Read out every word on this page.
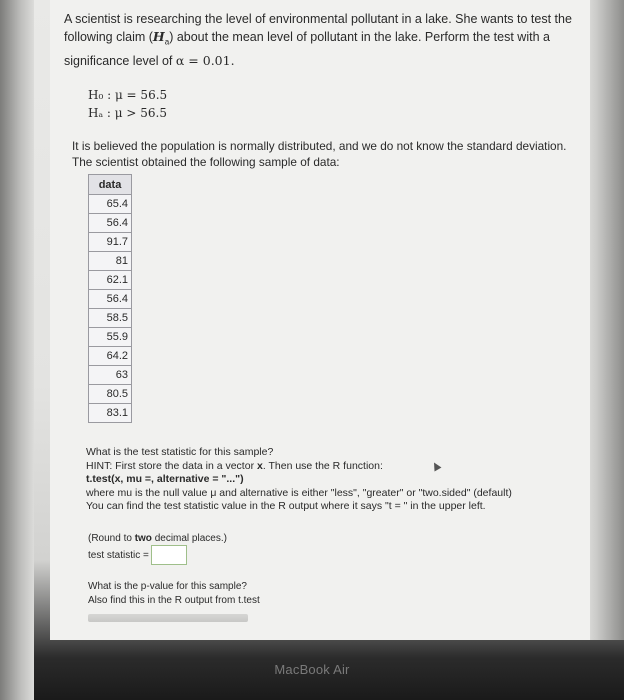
A scientist is researching the level of environmental pollutant in a lake. She wants to test the
following claim $(H_a)$ about the mean level of pollutant in the lake. Perform the test with a
significance level of α = 0.01.
H₀ : μ = 56.5
Hₐ : μ > 56.5
It is believed the population is normally distributed, and we do not know the standard deviation.
The scientist obtained the following sample of data:
data
65.4
56.4
91.7
81
62.1
56.4
58.5
55.9
64.2
63
80.5
83.1
What is the test statistic for this sample?
HINT: First store the data in a vector x. Then use the R function:
t.test(x, mu =, alternative = "...")
where mu is the null value μ and alternative is either "less", "greater" or "two.sided" (default)
You can find the test statistic value in the R output where it says "t = " in the upper left.
(Round to two decimal places.)
test statistic =
What is the p-value for this sample?
Also find this in the R output from t.test
MacBook Air
